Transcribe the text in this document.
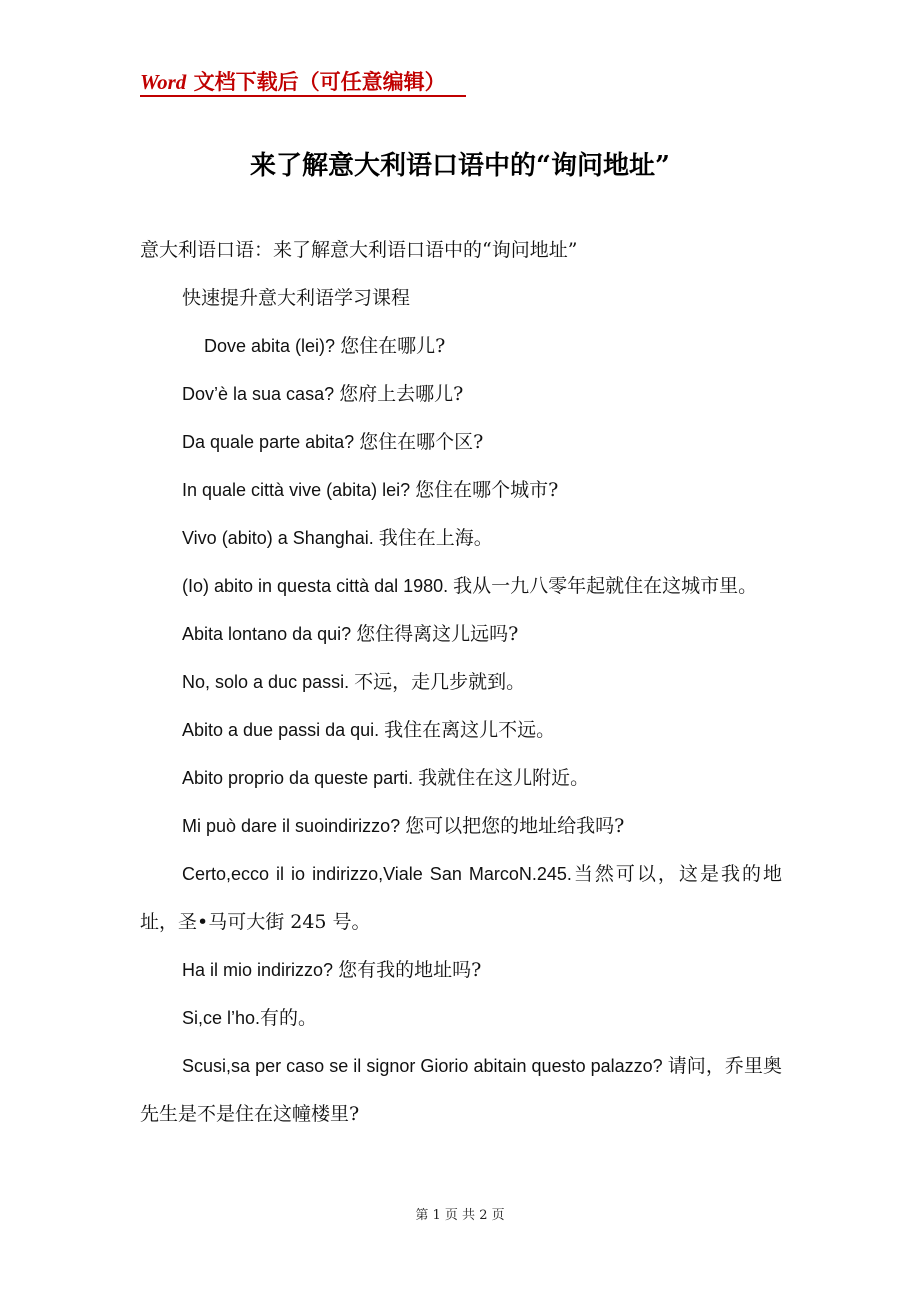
Word 文档下载后（可任意编辑）
来了解意大利语口语中的“询问地址”

意大利语口语：来了解意大利语口语中的“询问地址”

快速提升意大利语学习课程

Dove abita (lei)? 您住在哪儿?

Dov’è la sua casa? 您府上去哪儿?

Da quale parte abita? 您住在哪个区?

In quale città vive (abita) lei? 您住在哪个城市?

Vivo (abito) a Shanghai. 我住在上海。

(Io) abito in questa città dal 1980. 我从一九八零年起就住在这城市里。

Abita lontano da qui? 您住得离这儿远吗?

No, solo a duc passi. 不远，走几步就到。

Abito a due passi da qui. 我住在离这儿不远。

Abito proprio da queste parti. 我就住在这儿附近。

Mi può dare il suoindirizzo? 您可以把您的地址给我吗?

Certo,ecco il io indirizzo,Viale San MarcoN.245.当然可以，这是我的地址，圣•马可大街 245 号。

Ha il mio indirizzo? 您有我的地址吗?

Si,ce l’ho.有的。

Scusi,sa per caso se il signor Giorio abitain questo palazzo? 请问，乔里奥先生是不是住在这幢楼里?

第 1 页 共 2 页
